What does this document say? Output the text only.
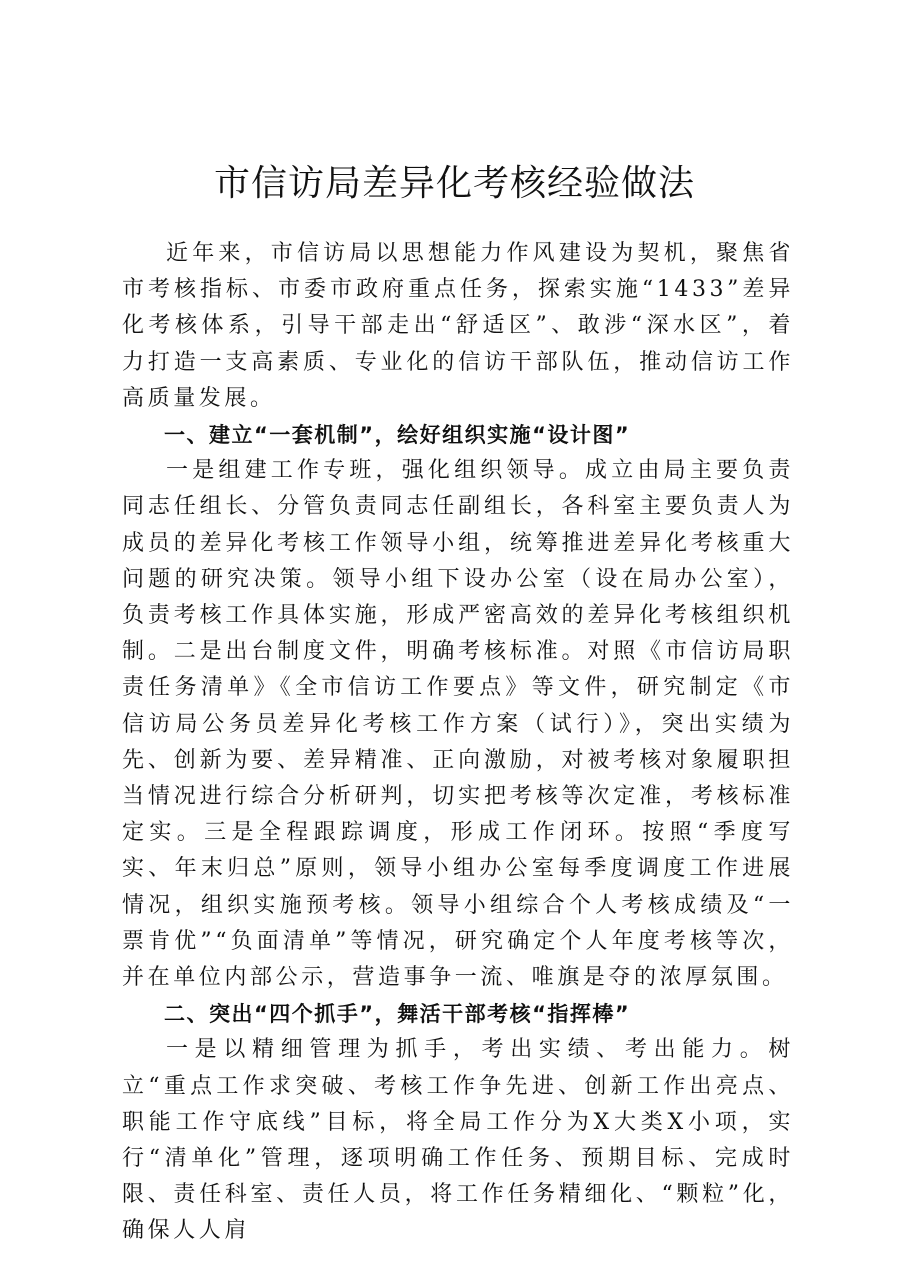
市信访局差异化考核经验做法

近年来，市信访局以思想能力作风建设为契机，聚焦省市考核指标、市委市政府重点任务，探索实施“1433”差异化考核体系，引导干部走出“舒适区”、敢涉“深水区”，着力打造一支高素质、专业化的信访干部队伍，推动信访工作高质量发展。

一、建立“一套机制”，绘好组织实施“设计图”

一是组建工作专班，强化组织领导。成立由局主要负责同志任组长、分管负责同志任副组长，各科室主要负责人为成员的差异化考核工作领导小组，统筹推进差异化考核重大问题的研究决策。领导小组下设办公室（设在局办公室），负责考核工作具体实施，形成严密高效的差异化考核组织机制。二是出台制度文件，明确考核标准。对照《市信访局职责任务清单》《全市信访工作要点》等文件，研究制定《市信访局公务员差异化考核工作方案（试行）》，突出实绩为先、创新为要、差异精准、正向激励，对被考核对象履职担当情况进行综合分析研判，切实把考核等次定准，考核标准定实。三是全程跟踪调度，形成工作闭环。按照“季度写实、年末归总”原则，领导小组办公室每季度调度工作进展情况，组织实施预考核。领导小组综合个人考核成绩及“一票肯优”“负面清单”等情况，研究确定个人年度考核等次，并在单位内部公示，营造事争一流、唯旗是夺的浓厚氛围。

二、突出“四个抓手”，舞活干部考核“指挥棒”

一是以精细管理为抓手，考出实绩、考出能力。树立“重点工作求突破、考核工作争先进、创新工作出亮点、职能工作守底线”目标，将全局工作分为X大类X小项，实行“清单化”管理，逐项明确工作任务、预期目标、完成时限、责任科室、责任人员，将工作任务精细化、“颗粒”化，确保人人肩
